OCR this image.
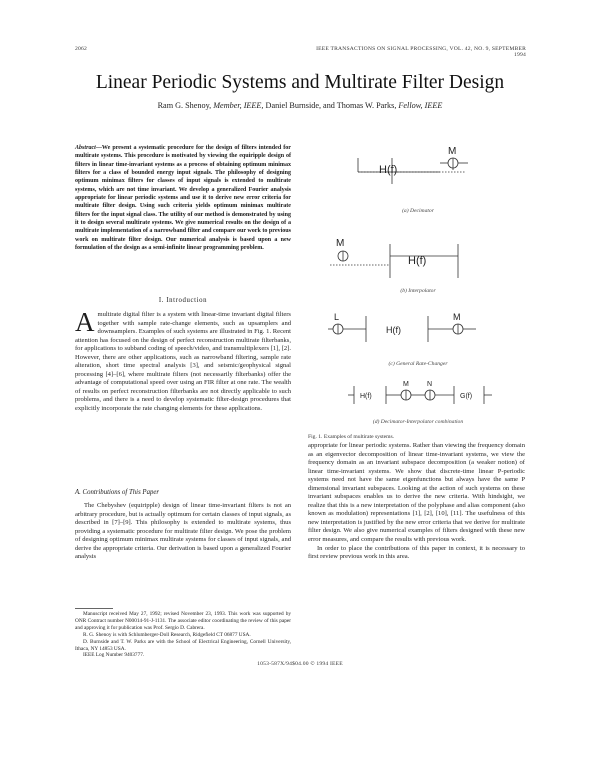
2062	IEEE TRANSACTIONS ON SIGNAL PROCESSING, VOL. 42, NO. 9, SEPTEMBER 1994
Linear Periodic Systems and Multirate Filter Design
Ram G. Shenoy, Member, IEEE, Daniel Burnside, and Thomas W. Parks, Fellow, IEEE
Abstract—We present a systematic procedure for the design of filters intended for multirate systems. This procedure is motivated by viewing the equiripple design of filters in linear time-invariant systems as a process of obtaining optimum minimax filters for a class of bounded energy input signals. The philosophy of designing optimum minimax filters for classes of input signals is extended to multirate systems, which are not time invariant. We develop a generalized Fourier analysis appropriate for linear periodic systems and use it to derive new error criteria for multirate filter design. Using such criteria yields optimum minimax multirate filters for the input signal class. The utility of our method is demonstrated by using it to design several multirate systems. We give numerical results on the design of a multirate implementation of a narrowband filter and compare our work to previous work on multirate filter design. Our numerical analysis is based upon a new formulation of the design as a semi-infinite linear programming problem.
I. Introduction
Amultirate digital filter is a system with linear-time invariant digital filters together with sample rate-change elements, such as upsamplers and downsamplers. Examples of such systems are illustrated in Fig. 1. Recent attention has focused on the design of perfect reconstruction multirate filterbanks, for applications to subband coding of speech/video, and transmultiplexers [1], [2]. However, there are other applications, such as narrowband filtering, sample rate alteration, short time spectral analysis [3], and seismic/geophysical signal processing [4]–[6], where multirate filters (not necessarily filterbanks) offer the advantage of computational speed over using an FIR filter at one rate. The wealth of results on perfect reconstruction filterbanks are not directly applicable to such problems, and there is a need to develop systematic filter-design procedures that explicitly incorporate the rate changing elements for these applications.
A. Contributions of This Paper
The Chebyshev (equiripple) design of linear time-invariant filters is not an arbitrary procedure, but is actually optimum for certain classes of input signals, as described in [7]–[9]. This philosophy is extended to multirate systems, thus providing a systematic procedure for multirate filter design. We pose the problem of designing optimum minimax multirate systems for classes of input signals, and derive the appropriate criteria. Our derivation is based upon a generalized Fourier analysis

Manuscript received May 27, 1992; revised November 23, 1993. This work was supported by ONR Contract number N00014-91-J-1131. The associate editor coordinating the review of this paper and approving it for publication was Prof. Sergio D. Cabrera.

R. G. Shenoy is with Schlumberger-Doll Research, Ridgefield CT 06877 USA.

D. Burnside and T. W. Parks are with the School of Electrical Engineering, Cornell University, Ithaca, NY 14853 USA.

IEEE Log Number 9403777.

H(f)
M
M
H(f)
L
H(f)
M
H(f)
M	N
G(f)
(a) Decimator
(b) Interpolator
(c) General Rate-Changer
(d) Decimator-Interpolator combination
Fig. 1. Examples of multirate systems.

appropriate for linear periodic systems. Rather than viewing the frequency domain as an eigenvector decomposition of linear time-invariant systems, we view the frequency domain as an invariant subspace decomposition (a weaker notion) of linear time-invariant systems. We show that discrete-time linear P-periodic systems need not have the same eigenfunctions but always have the same P dimensional invariant subspaces. Looking at the action of such systems on these invariant subspaces enables us to derive the new criteria. With hindsight, we realize that this is a new interpretation of the polyphase and alias component (also known as modulation) representations [1], [2], [10], [11]. The usefulness of this new interpretation is justified by the new error criteria that we derive for multirate filter design. We also give numerical examples of filters designed with these new error measures, and compare the results with previous work.

In order to place the contributions of this paper in context, it is necessary to first review previous work in this area.

1053-587X/94$04.00 © 1994 IEEE
